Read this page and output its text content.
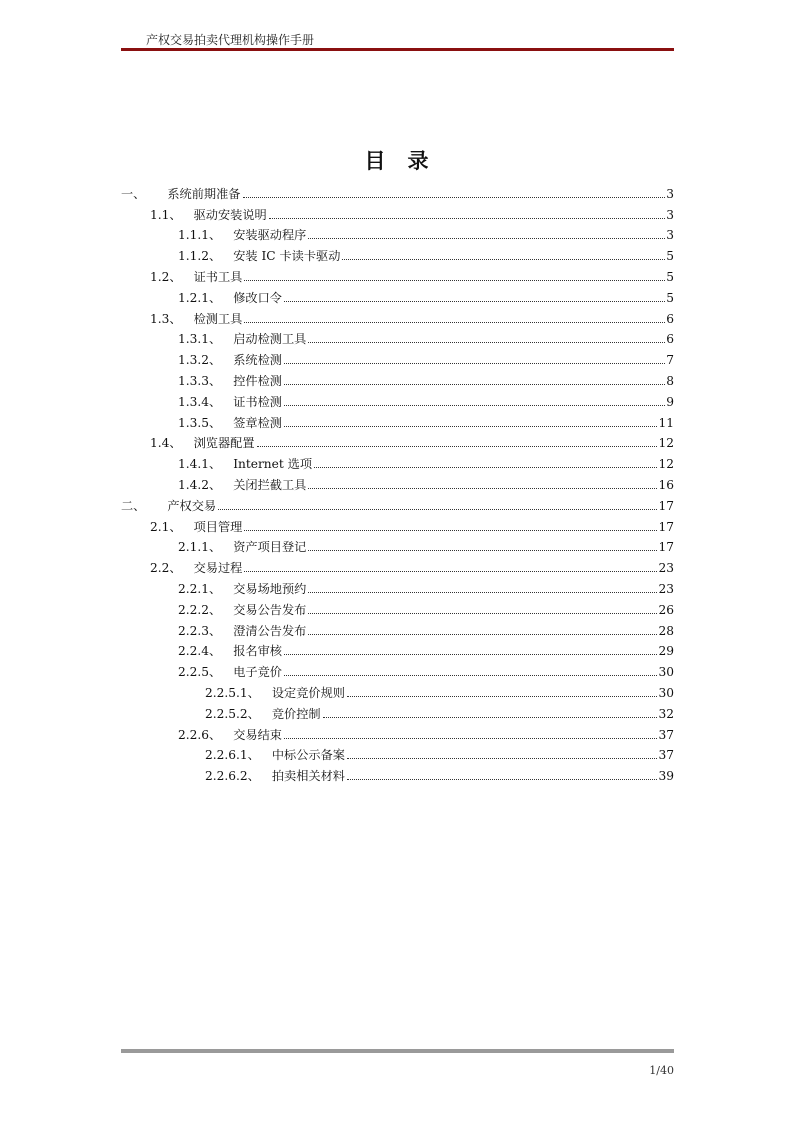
产权交易拍卖代理机构操作手册
目录
一、 系统前期准备	3
1.1、 驱动安装说明	3
1.1.1、 安装驱动程序	3
1.1.2、 安装 IC 卡读卡驱动	5
1.2、 证书工具	5
1.2.1、 修改口令	5
1.3、 检测工具	6
1.3.1、 启动检测工具	6
1.3.2、 系统检测	7
1.3.3、 控件检测	8
1.3.4、 证书检测	9
1.3.5、 签章检测	11
1.4、 浏览器配置	12
1.4.1、 Internet 选项	12
1.4.2、 关闭拦截工具	16
二、 产权交易	17
2.1、 项目管理	17
2.1.1、 资产项目登记	17
2.2、 交易过程	23
2.2.1、 交易场地预约	23
2.2.2、 交易公告发布	26
2.2.3、 澄清公告发布	28
2.2.4、 报名审核	29
2.2.5、 电子竞价	30
2.2.5.1、 设定竞价规则	30
2.2.5.2、 竞价控制	32
2.2.6、 交易结束	37
2.2.6.1、 中标公示备案	37
2.2.6.2、 拍卖相关材料	39
1/40
